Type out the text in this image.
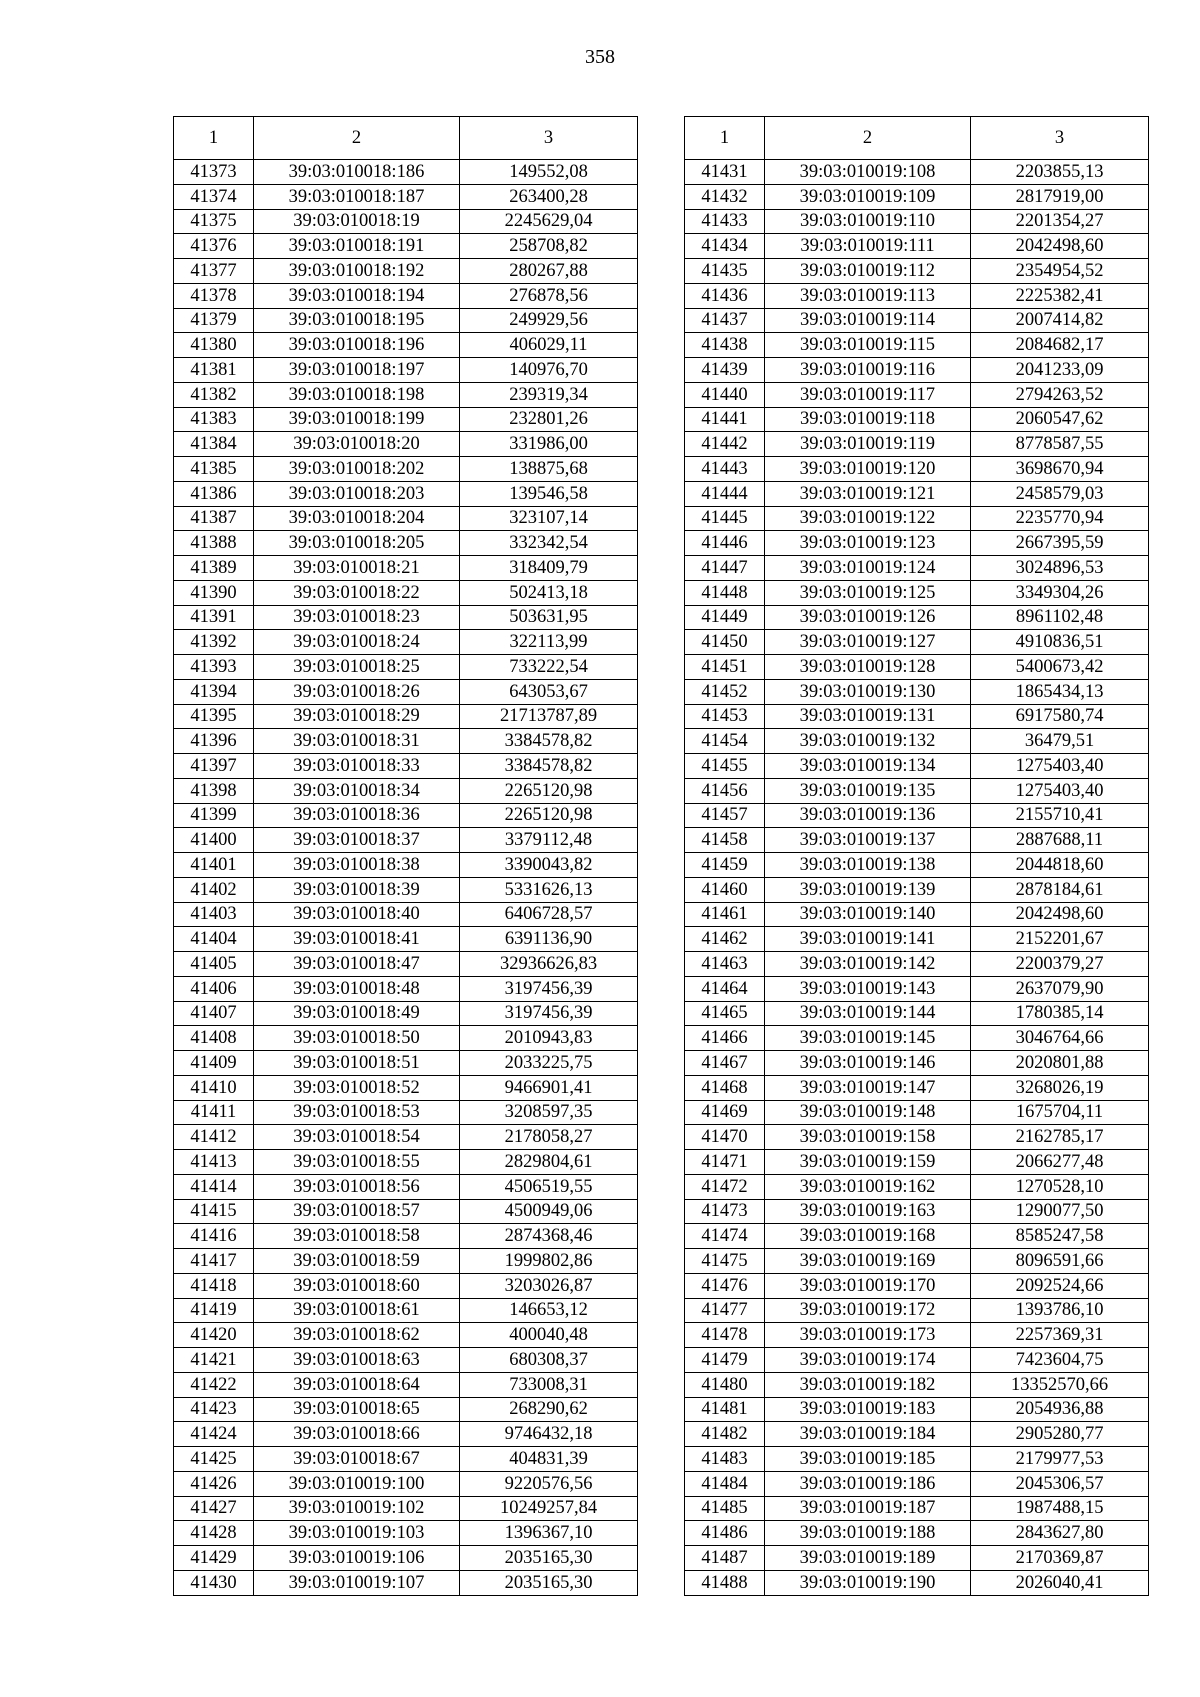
358
1	2	3
41373	39:03:010018:186	149552,08
41374	39:03:010018:187	263400,28
41375	39:03:010018:19	2245629,04
41376	39:03:010018:191	258708,82
41377	39:03:010018:192	280267,88
41378	39:03:010018:194	276878,56
41379	39:03:010018:195	249929,56
41380	39:03:010018:196	406029,11
41381	39:03:010018:197	140976,70
41382	39:03:010018:198	239319,34
41383	39:03:010018:199	232801,26
41384	39:03:010018:20	331986,00
41385	39:03:010018:202	138875,68
41386	39:03:010018:203	139546,58
41387	39:03:010018:204	323107,14
41388	39:03:010018:205	332342,54
41389	39:03:010018:21	318409,79
41390	39:03:010018:22	502413,18
41391	39:03:010018:23	503631,95
41392	39:03:010018:24	322113,99
41393	39:03:010018:25	733222,54
41394	39:03:010018:26	643053,67
41395	39:03:010018:29	21713787,89
41396	39:03:010018:31	3384578,82
41397	39:03:010018:33	3384578,82
41398	39:03:010018:34	2265120,98
41399	39:03:010018:36	2265120,98
41400	39:03:010018:37	3379112,48
41401	39:03:010018:38	3390043,82
41402	39:03:010018:39	5331626,13
41403	39:03:010018:40	6406728,57
41404	39:03:010018:41	6391136,90
41405	39:03:010018:47	32936626,83
41406	39:03:010018:48	3197456,39
41407	39:03:010018:49	3197456,39
41408	39:03:010018:50	2010943,83
41409	39:03:010018:51	2033225,75
41410	39:03:010018:52	9466901,41
41411	39:03:010018:53	3208597,35
41412	39:03:010018:54	2178058,27
41413	39:03:010018:55	2829804,61
41414	39:03:010018:56	4506519,55
41415	39:03:010018:57	4500949,06
41416	39:03:010018:58	2874368,46
41417	39:03:010018:59	1999802,86
41418	39:03:010018:60	3203026,87
41419	39:03:010018:61	146653,12
41420	39:03:010018:62	400040,48
41421	39:03:010018:63	680308,37
41422	39:03:010018:64	733008,31
41423	39:03:010018:65	268290,62
41424	39:03:010018:66	9746432,18
41425	39:03:010018:67	404831,39
41426	39:03:010019:100	9220576,56
41427	39:03:010019:102	10249257,84
41428	39:03:010019:103	1396367,10
41429	39:03:010019:106	2035165,30
41430	39:03:010019:107	2035165,30
1	2	3
41431	39:03:010019:108	2203855,13
41432	39:03:010019:109	2817919,00
41433	39:03:010019:110	2201354,27
41434	39:03:010019:111	2042498,60
41435	39:03:010019:112	2354954,52
41436	39:03:010019:113	2225382,41
41437	39:03:010019:114	2007414,82
41438	39:03:010019:115	2084682,17
41439	39:03:010019:116	2041233,09
41440	39:03:010019:117	2794263,52
41441	39:03:010019:118	2060547,62
41442	39:03:010019:119	8778587,55
41443	39:03:010019:120	3698670,94
41444	39:03:010019:121	2458579,03
41445	39:03:010019:122	2235770,94
41446	39:03:010019:123	2667395,59
41447	39:03:010019:124	3024896,53
41448	39:03:010019:125	3349304,26
41449	39:03:010019:126	8961102,48
41450	39:03:010019:127	4910836,51
41451	39:03:010019:128	5400673,42
41452	39:03:010019:130	1865434,13
41453	39:03:010019:131	6917580,74
41454	39:03:010019:132	36479,51
41455	39:03:010019:134	1275403,40
41456	39:03:010019:135	1275403,40
41457	39:03:010019:136	2155710,41
41458	39:03:010019:137	2887688,11
41459	39:03:010019:138	2044818,60
41460	39:03:010019:139	2878184,61
41461	39:03:010019:140	2042498,60
41462	39:03:010019:141	2152201,67
41463	39:03:010019:142	2200379,27
41464	39:03:010019:143	2637079,90
41465	39:03:010019:144	1780385,14
41466	39:03:010019:145	3046764,66
41467	39:03:010019:146	2020801,88
41468	39:03:010019:147	3268026,19
41469	39:03:010019:148	1675704,11
41470	39:03:010019:158	2162785,17
41471	39:03:010019:159	2066277,48
41472	39:03:010019:162	1270528,10
41473	39:03:010019:163	1290077,50
41474	39:03:010019:168	8585247,58
41475	39:03:010019:169	8096591,66
41476	39:03:010019:170	2092524,66
41477	39:03:010019:172	1393786,10
41478	39:03:010019:173	2257369,31
41479	39:03:010019:174	7423604,75
41480	39:03:010019:182	13352570,66
41481	39:03:010019:183	2054936,88
41482	39:03:010019:184	2905280,77
41483	39:03:010019:185	2179977,53
41484	39:03:010019:186	2045306,57
41485	39:03:010019:187	1987488,15
41486	39:03:010019:188	2843627,80
41487	39:03:010019:189	2170369,87
41488	39:03:010019:190	2026040,41
